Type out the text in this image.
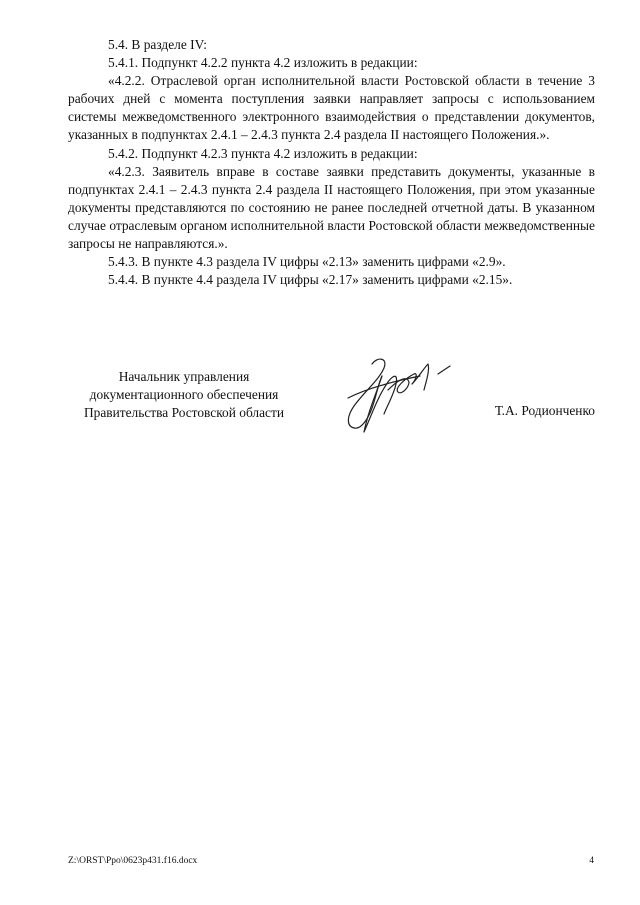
5.4. В разделе IV:

5.4.1. Подпункт 4.2.2 пункта 4.2 изложить в редакции:

«4.2.2. Отраслевой орган исполнительной власти Ростовской области в течение 3 рабочих дней с момента поступления заявки направляет запросы с использованием системы межведомственного электронного взаимодействия о представлении документов, указанных в подпунктах 2.4.1 – 2.4.3 пункта 2.4 раздела II настоящего Положения.».

5.4.2. Подпункт 4.2.3 пункта 4.2 изложить в редакции:

«4.2.3. Заявитель вправе в составе заявки представить документы, указанные в подпунктах 2.4.1 – 2.4.3 пункта 2.4 раздела II настоящего Положения, при этом указанные документы представляются по состоянию не ранее последней отчетной даты. В указанном случае отраслевым органом исполнительной власти Ростовской области межведомственные запросы не направляются.».

5.4.3. В пункте 4.3 раздела IV цифры «2.13» заменить цифрами «2.9».

5.4.4. В пункте 4.4 раздела IV цифры «2.17» заменить цифрами «2.15».

Начальник управления
документационного обеспечения
Правительства Ростовской области	Т.А. Родионченко
Z:\ORST\Ppo\0623p431.f16.docx	4
